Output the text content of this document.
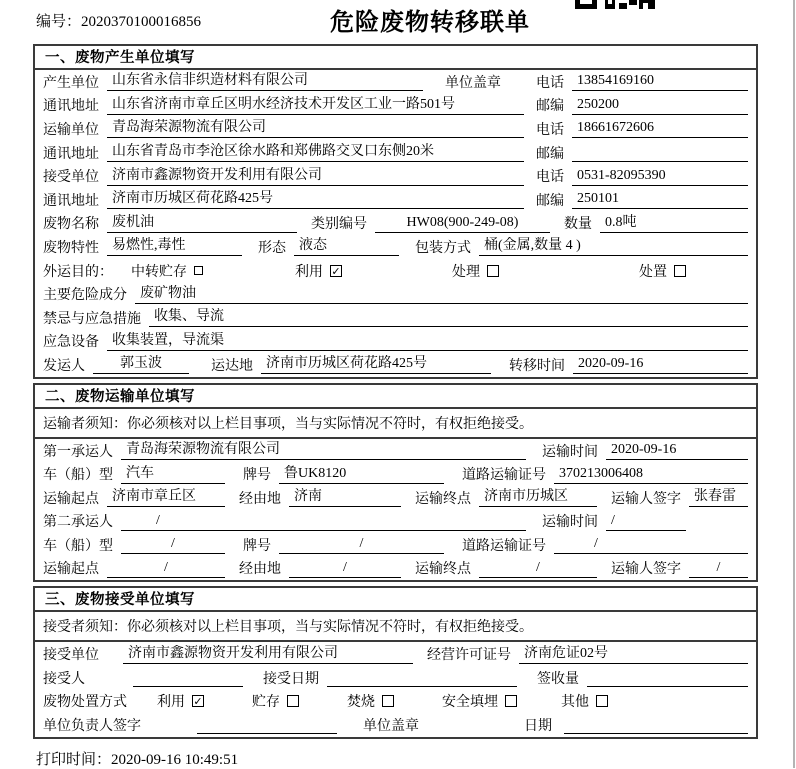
编号：2020370100016856	危险废物转移联单
一、废物产生单位填写
产生单位 山东省永信非织造材料有限公司	单位盖章	电话 13854169160
通讯地址 山东省济南市章丘区明水经济技术开发区工业一路501号	邮编 250200
运输单位 青岛海荣源物流有限公司	电话 18661672606
通讯地址 山东省青岛市李沧区徐水路和郑佛路交叉口东侧20米	邮编
接受单位 济南市鑫源物资开发利用有限公司	电话 0531-82095390
通讯地址 济南市历城区荷花路425号	邮编 250101
废物名称 废机油	类别编号	HW08(900-249-08)	数量 0.8吨
废物特性 易燃性,毒性	形态 液态	包装方式 桶(金属,数量 4 )
外运目的：	中转贮存	利用 ✓	处理	处置
主要危险成分 废矿物油
禁忌与应急措施 收集、导流
应急设备 收集装置，导流渠
发运人	郭玉波	运达地 济南市历城区荷花路425号	转移时间 2020-09-16
二、废物运输单位填写
运输者须知：你必须核对以上栏目事项，当与实际情况不符时，有权拒绝接受。
第一承运人 青岛海荣源物流有限公司	运输时间 2020-09-16
车（船）型 汽车	牌号 鲁UK8120	道路运输证号 370213006408
运输起点 济南市章丘区	经由地 济南	运输终点 济南市历城区	运输人签字 张春雷
第二承运人	/	运输时间 /
车（船）型	/	牌号	/	道路运输证号	/
运输起点	/	经由地	/	运输终点	/	运输人签字	/
三、废物接受单位填写
接受者须知：你必须核对以上栏目事项，当与实际情况不符时，有权拒绝接受。
接受单位	济南市鑫源物资开发利用有限公司	经营许可证号 济南危证02号
接受人	接受日期	签收量
废物处置方式	利用 ✓	贮存	焚烧	安全填埋	其他
单位负责人签字	单位盖章	日期
打印时间：2020-09-16 10:49:51
